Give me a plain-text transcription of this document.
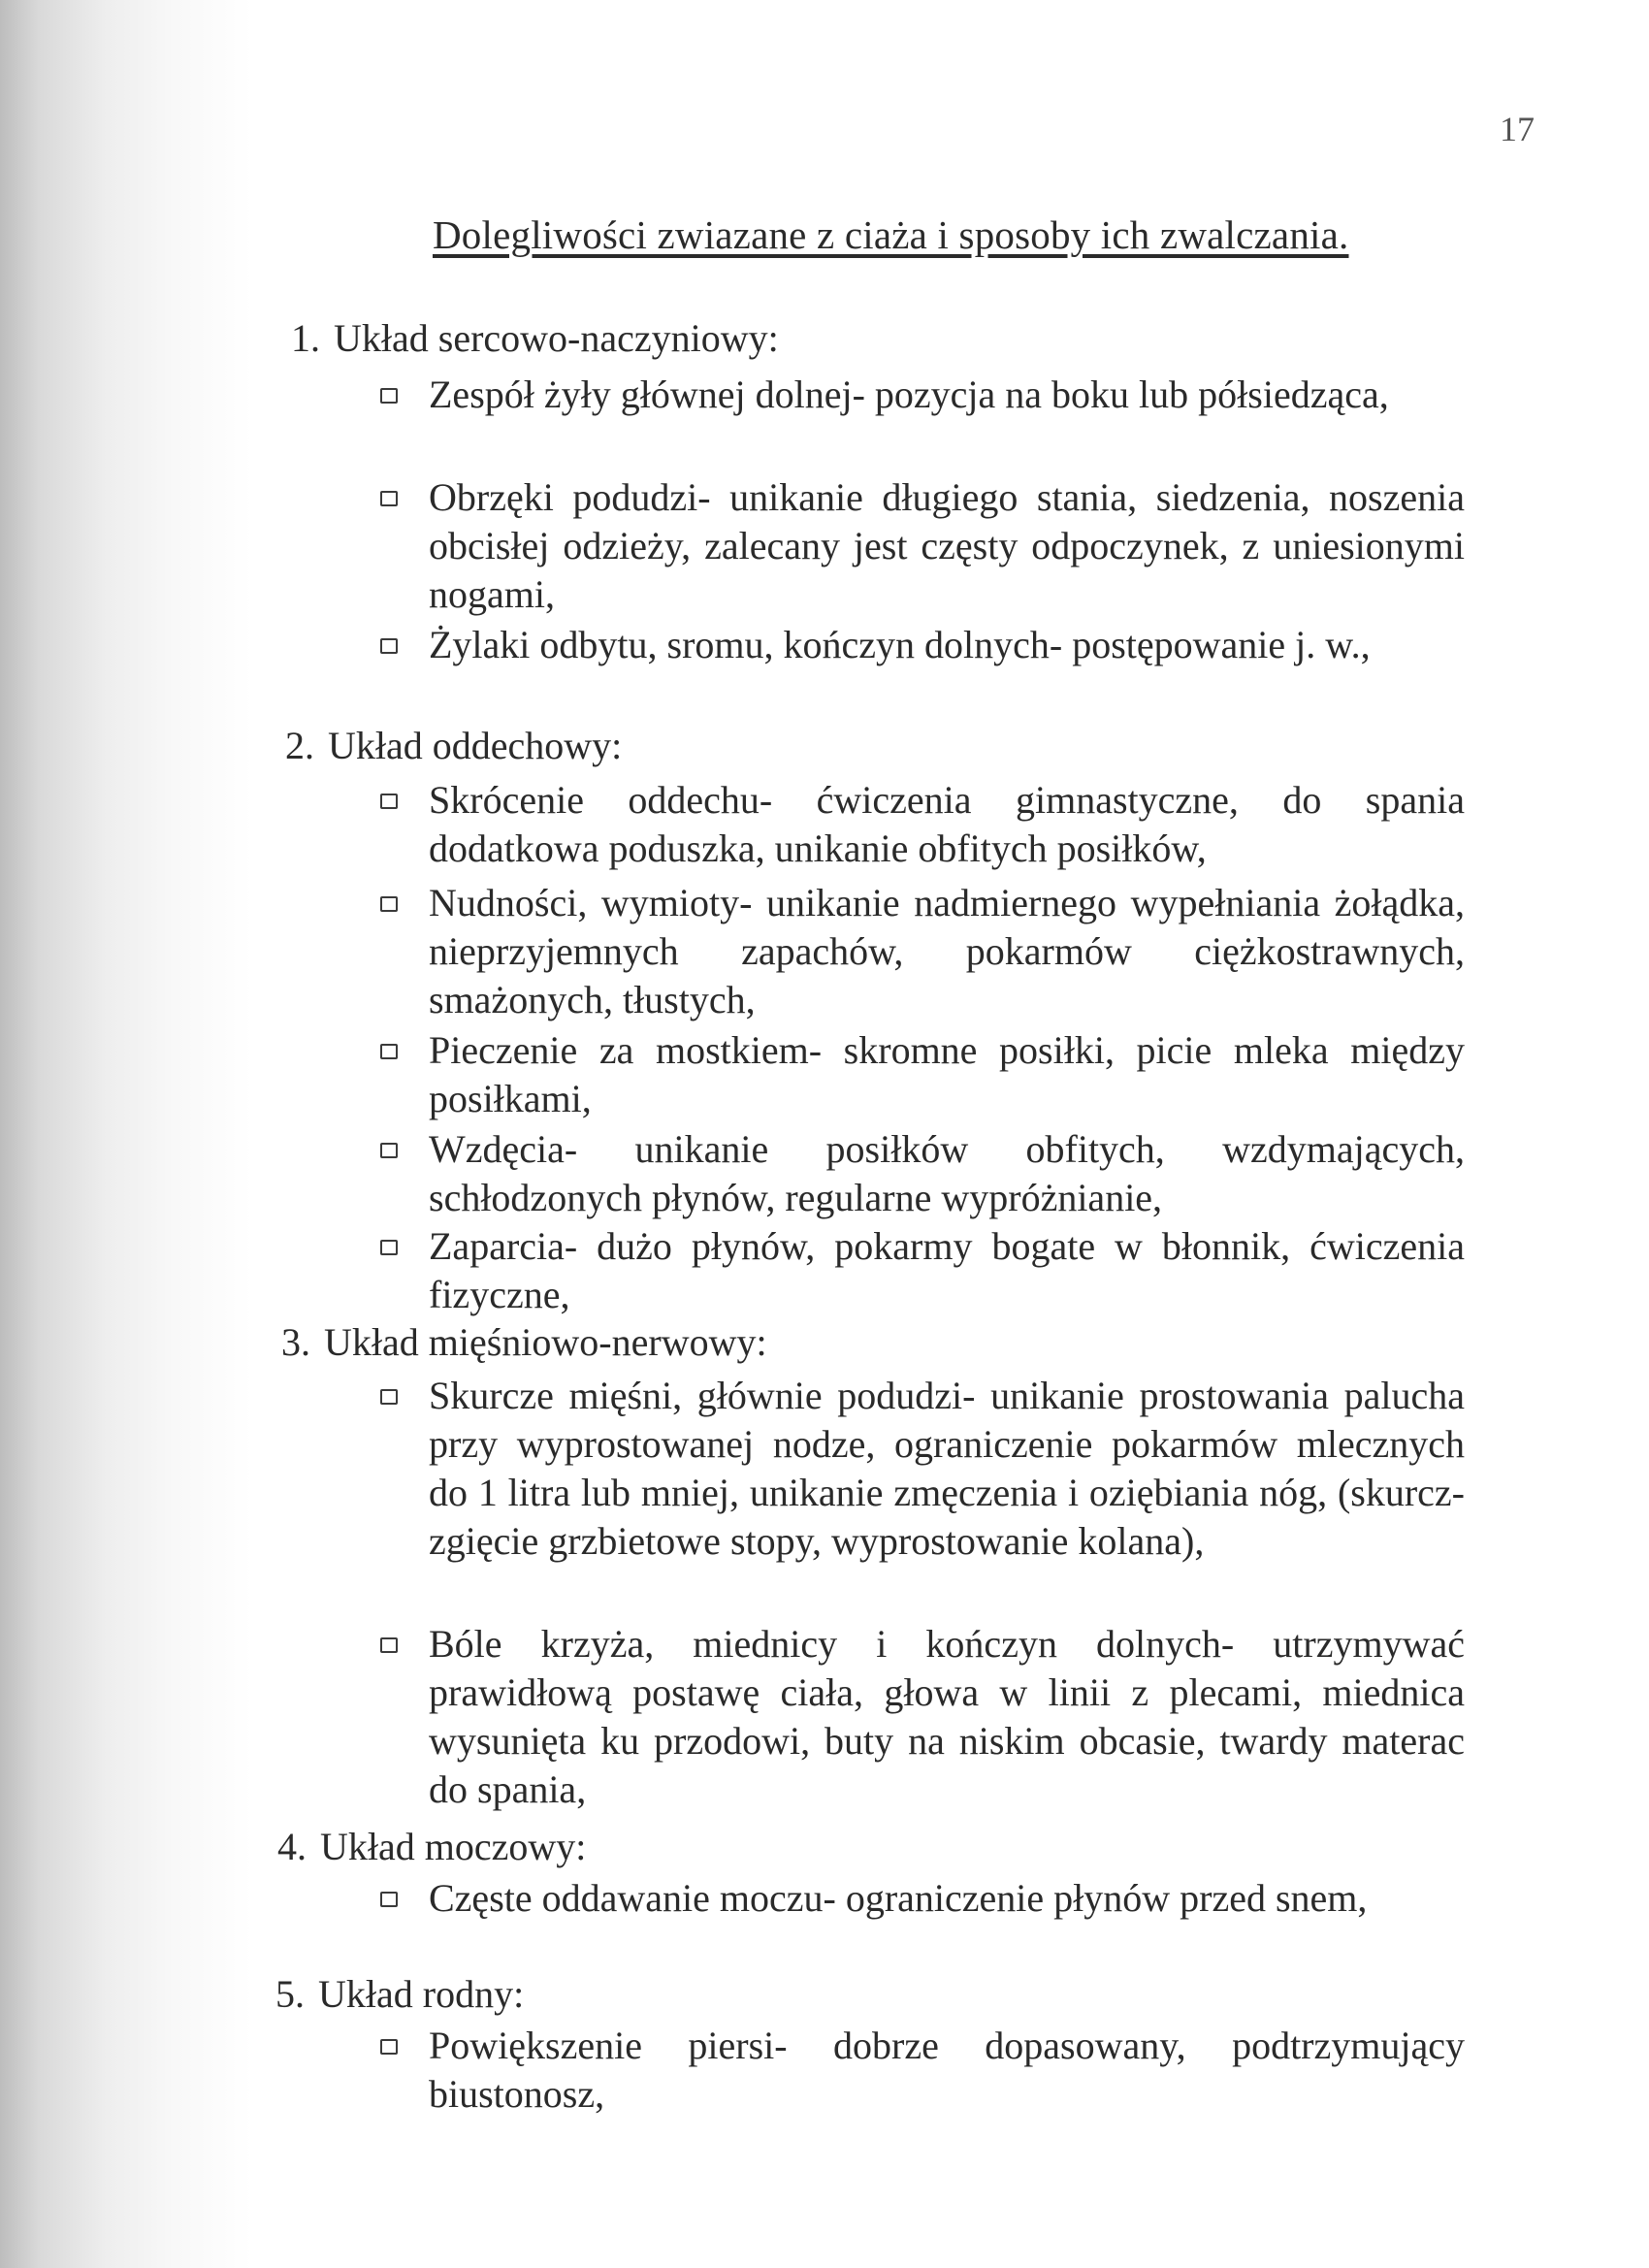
17
Dolegliwości zwiazane z ciaża i sposoby ich zwalczania.
1. Układ sercowo-naczyniowy:
Zespół żyły głównej dolnej- pozycja na boku lub półsiedząca,
Obrzęki podudzi- unikanie długiego stania, siedzenia, noszenia obcisłej odzieży, zalecany jest częsty odpoczynek, z uniesionymi nogami,
Żylaki odbytu, sromu, kończyn dolnych- postępowanie j. w.,
2. Układ oddechowy:
Skrócenie oddechu- ćwiczenia gimnastyczne, do spania dodatkowa poduszka, unikanie obfitych posiłków,
Nudności, wymioty- unikanie nadmiernego wypełniania żołądka, nieprzyjemnych zapachów, pokarmów ciężkostrawnych, smażonych, tłustych,
Pieczenie za mostkiem- skromne posiłki, picie mleka między posiłkami,
Wzdęcia- unikanie posiłków obfitych, wzdymających, schłodzonych płynów, regularne wypróżnianie,
Zaparcia- dużo płynów, pokarmy bogate w błonnik, ćwiczenia fizyczne,
3. Układ mięśniowo-nerwowy:
Skurcze mięśni, głównie podudzi- unikanie prostowania palucha przy wyprostowanej nodze, ograniczenie pokarmów mlecznych do 1 litra lub mniej, unikanie zmęczenia i oziębiania nóg, (skurcz- zgięcie grzbietowe stopy, wyprostowanie kolana),
Bóle krzyża, miednicy i kończyn dolnych- utrzymywać prawidłową postawę ciała, głowa w linii z plecami, miednica wysunięta ku przodowi, buty na niskim obcasie, twardy materac do spania,
4. Układ moczowy:
Częste oddawanie moczu- ograniczenie płynów przed snem,
5. Układ rodny:
Powiększenie piersi- dobrze dopasowany, podtrzymujący biustonosz,
